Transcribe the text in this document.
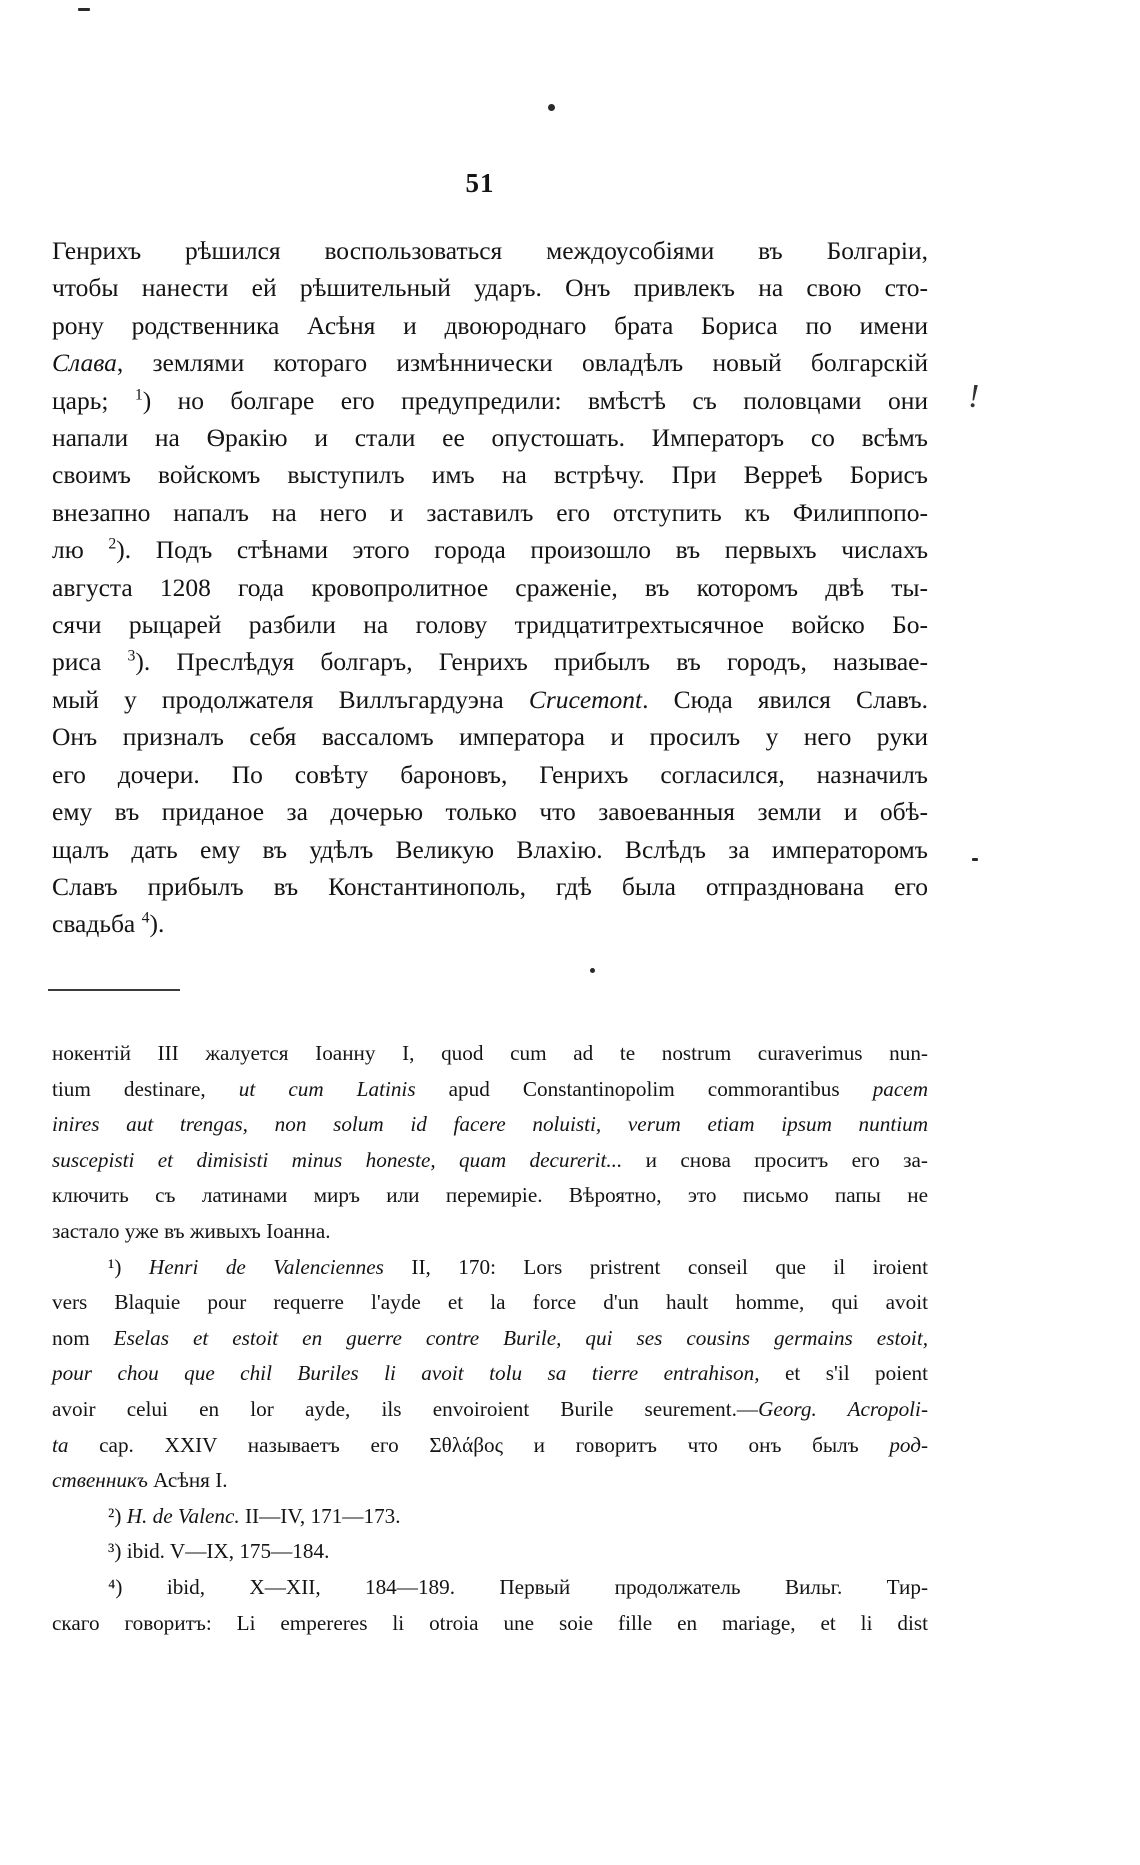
51
Генрихъ рѣшился воспользоваться междоусобіями въ Болгаріи,
чтобы нанести ей рѣшительный ударъ. Онъ привлекъ на свою сто-
рону родственника Асѣня и двоюроднаго брата Бориса по имени
Слава, землями котораго измѣннически овладѣлъ новый болгарскій
царь; $^1$) но болгаре его предупредили: вмѣстѣ съ половцами они
напали на Ѳракію и стали ее опустошать. Императоръ со всѣмъ
своимъ войскомъ выступилъ имъ на встрѣчу. При Верреѣ Борисъ
внезапно напалъ на него и заставилъ его отступить къ Филиппопо-
лю $^2$). Подъ стѣнами этого города произошло въ первыхъ числахъ
августа 1208 года кровопролитное сраженіе, въ которомъ двѣ ты-
сячи рыцарей разбили на голову тридцатитрехтысячное войско Бо-
риса $^3$). Преслѣдуя болгаръ, Генрихъ прибылъ въ городъ, называе-
мый у продолжателя Виллъгардуэна Crucemont. Сюда явился Славъ.
Онъ призналъ себя вассаломъ императора и просилъ у него руки
его дочери. По совѣту бароновъ, Генрихъ согласился, назначилъ
ему въ приданое за дочерью только что завоеванныя земли и обѣ-
щалъ дать ему въ удѣлъ Великую Влахію. Вслѣдъ за императоромъ
Славъ прибылъ въ Константинополь, гдѣ была отпразднована его
свадьба $^4$).
нокентій III жалуется Іоанну I, quod cum ad te nostrum curaverimus nun-
tium destinare, ut cum Latinis apud Constantinopolim commorantibus pacem
inires aut trengas, non solum id facere noluisti, verum etiam ipsum nuntium
suscepisti et dimisisti minus honeste, quam decurerit... и снова проситъ его за-
ключить съ латинами миръ или перемиріе. Вѣроятно, это письмо папы не
застало уже въ живыхъ Іоанна.
¹) Henri de Valenciennes II, 170: Lors pristrent conseil que il iroient
vers Blaquie pour requerre l'ayde et la force d'un hault homme, qui avoit
nom Eselas et estoit en guerre contre Burile, qui ses cousins germains estoit,
pour chou que chil Buriles li avoit tolu sa tierre entrahison, et s'il poient
avoir celui en lor ayde, ils envoiroient Burile seurement.—Georg. Acropoli-
ta cap. XXIV называетъ его Σθλάβος и говоритъ что онъ былъ род-
ственникъ Асѣня I.
²) H. de Valenc. II—IV, 171—173.
³) ibid. V—IX, 175—184.
⁴) ibid, X—XII, 184—189. Первый продолжатель Вильг. Тир-
скаго говоритъ: Li empereres li otroia une soie fille en mariage, et li dist
ǃ
